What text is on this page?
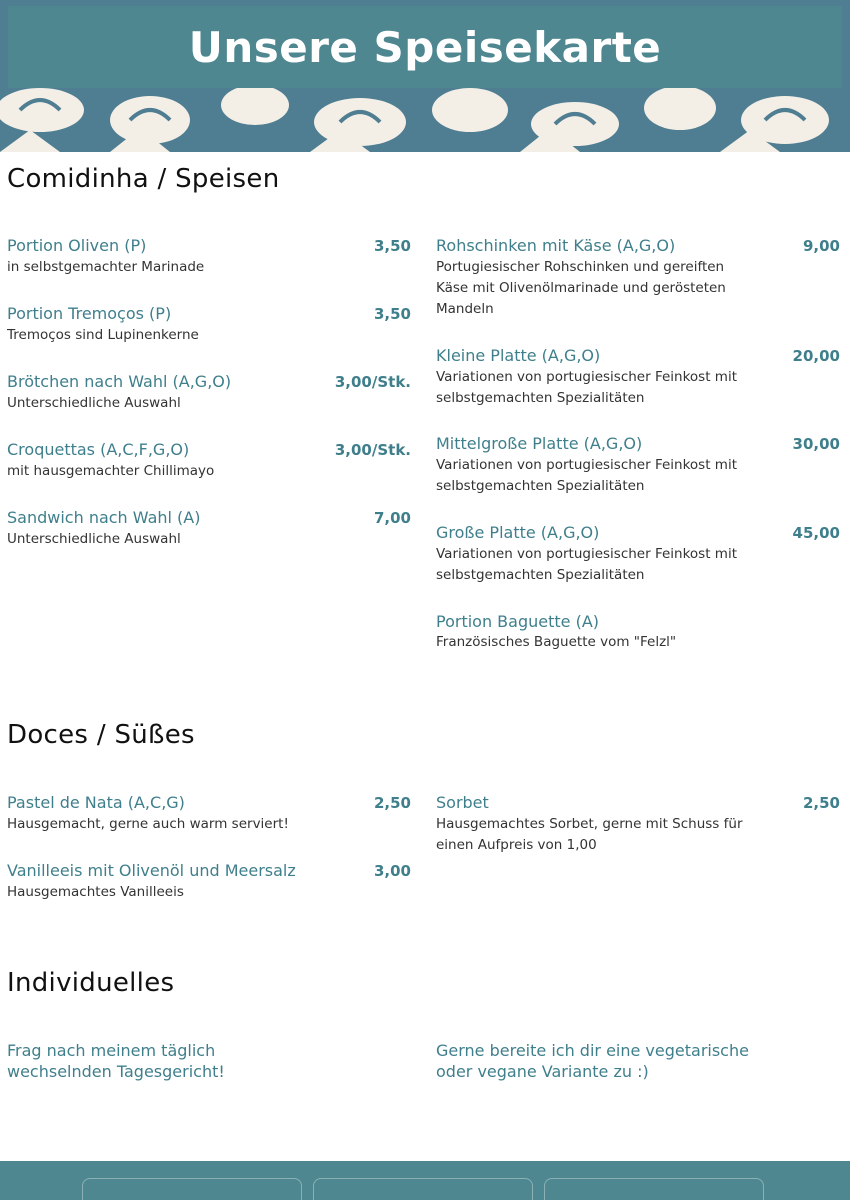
Unsere Speisekarte
Comidinha / Speisen
Portion Oliven (P)	3,50
in selbstgemachter Marinade
Portion Tremoços (P)	3,50
Tremoços sind Lupinenkerne
Brötchen nach Wahl (A,G,O)	3,00/Stk.
Unterschiedliche Auswahl
Croquettas (A,C,F,G,O)	3,00/Stk.
mit hausgemachter Chillimayo
Sandwich nach Wahl (A)	7,00
Unterschiedliche Auswahl
Rohschinken mit Käse (A,G,O)	9,00
Portugiesischer Rohschinken und gereiften Käse mit Olivenölmarinade und gerösteten Mandeln
Kleine Platte (A,G,O)	20,00
Variationen von portugiesischer Feinkost mit selbstgemachten Spezialitäten
Mittelgroße Platte (A,G,O)	30,00
Variationen von portugiesischer Feinkost mit selbstgemachten Spezialitäten
Große Platte (A,G,O)	45,00
Variationen von portugiesischer Feinkost mit selbstgemachten Spezialitäten
Portion Baguette (A)
Französisches Baguette vom "Felzl"
Doces / Süßes
Pastel de Nata (A,C,G)	2,50
Hausgemacht, gerne auch warm serviert!
Vanilleeis mit Olivenöl und Meersalz	3,00
Hausgemachtes Vanilleeis
Sorbet	2,50
Hausgemachtes Sorbet, gerne mit Schuss für einen Aufpreis von 1,00
Individuelles
Frag nach meinem täglich wechselnden Tagesgericht!
Gerne bereite ich dir eine vegetarische oder vegane Variante zu :)
